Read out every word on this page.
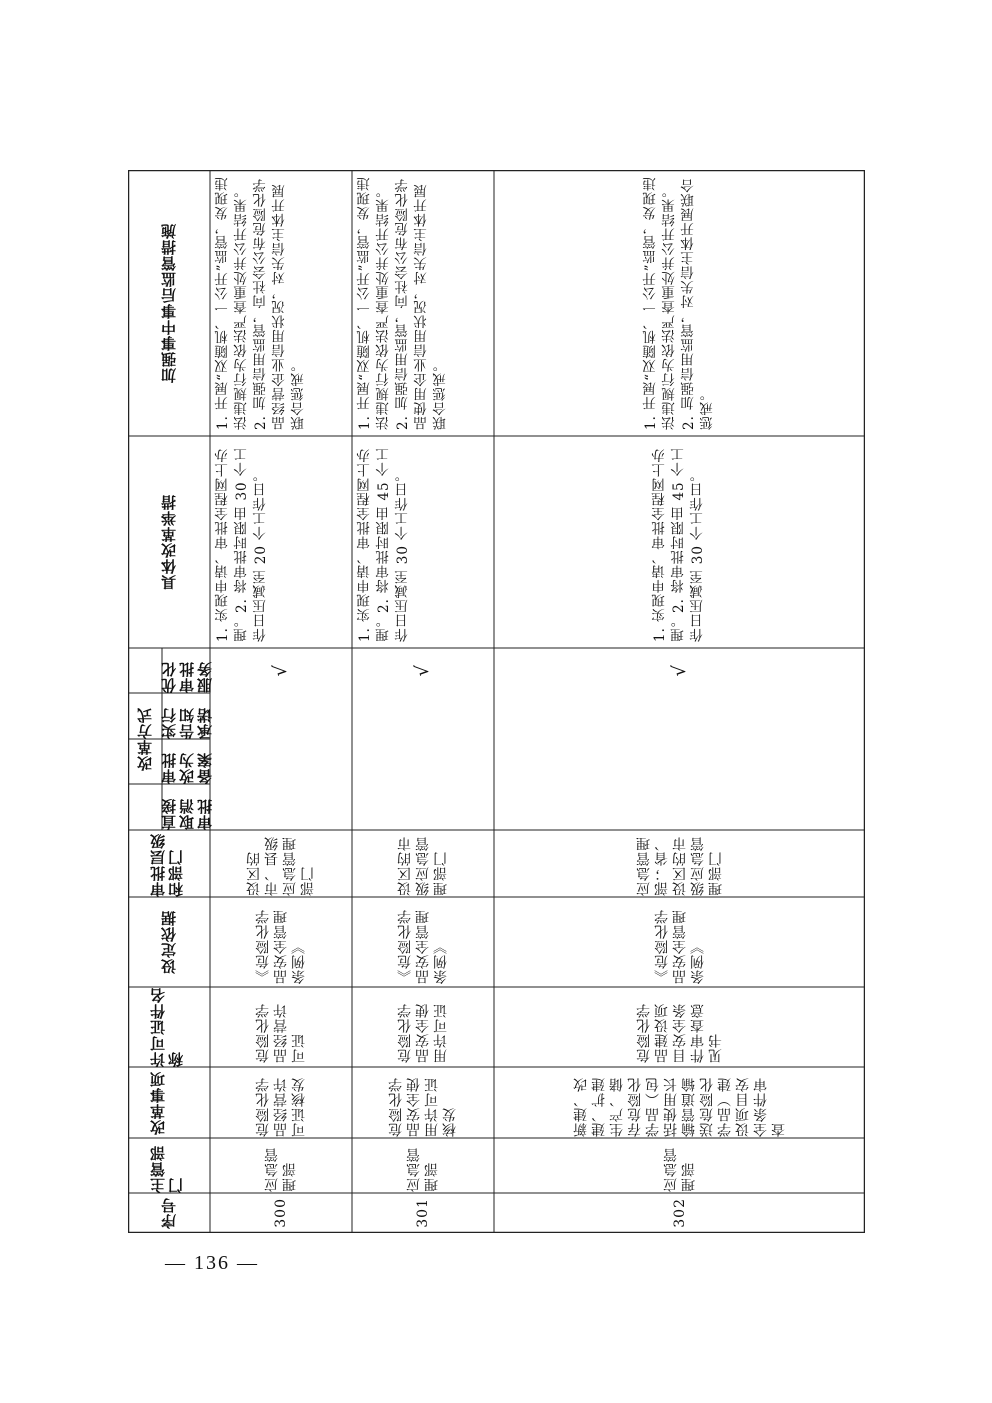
加强事中事后监管措施
具体改革举措
优化审批服务
实行告知承诺
审批改为备案
直接取消审批
改革方式
审批层级和部门
设定依据
许可证件名称
改革事项
主管部门
序号
1. 开展“双随机、一公开”监管，发现违法违规行为依法严查重处并公开结果。2. 加强信用监管，向社会公布危险化学品经营企业信用状况，对失信主体开展联合惩戒。
1. 实现申请、审批全程网上办理。2. 将审批时限由 30 个工作日压减至 20 个工作日。
√
设区的市、县级应急管理部门
《危险化学品安全管理条例》
危险化学品经营许可证
危险化学品经营许可证核发
应急管理部
300
1. 开展“双随机、一公开”监管，发现违法违规行为依法严查重处并公开结果。2. 加强信用监管，向社会公布危险化学品使用企业信用状况，对失信主体开展联合惩戒。
1. 实现申请、审批全程网上办理。2. 将审批时限由 45 个工作日压减至 30 个工作日。
√
设区的市级应急管理部门
《危险化学品安全管理条例》
危险化学品安全使用许可证
危险化学品安全使用许可证核发
应急管理部
301
1. 开展“双随机、一公开”监管，发现违法违规行为依法严查重处并公开结果。2. 加强信用监管，对失信主体开展联合惩戒。
1. 实现申请、审批全程网上办理。2. 将审批时限由 45 个工作日压减至 30 个工作日。
√
应急管理部；省、设区的市级应急管理部门
《危险化学品安全管理条例》
危险化学品建设项目安全条件审查意见书
新建、改建、扩建生产、储存危险化学品（包括使用长输管道输送危险化学品）建设项目安全条件审查
应急管理部
302
— 136 —
